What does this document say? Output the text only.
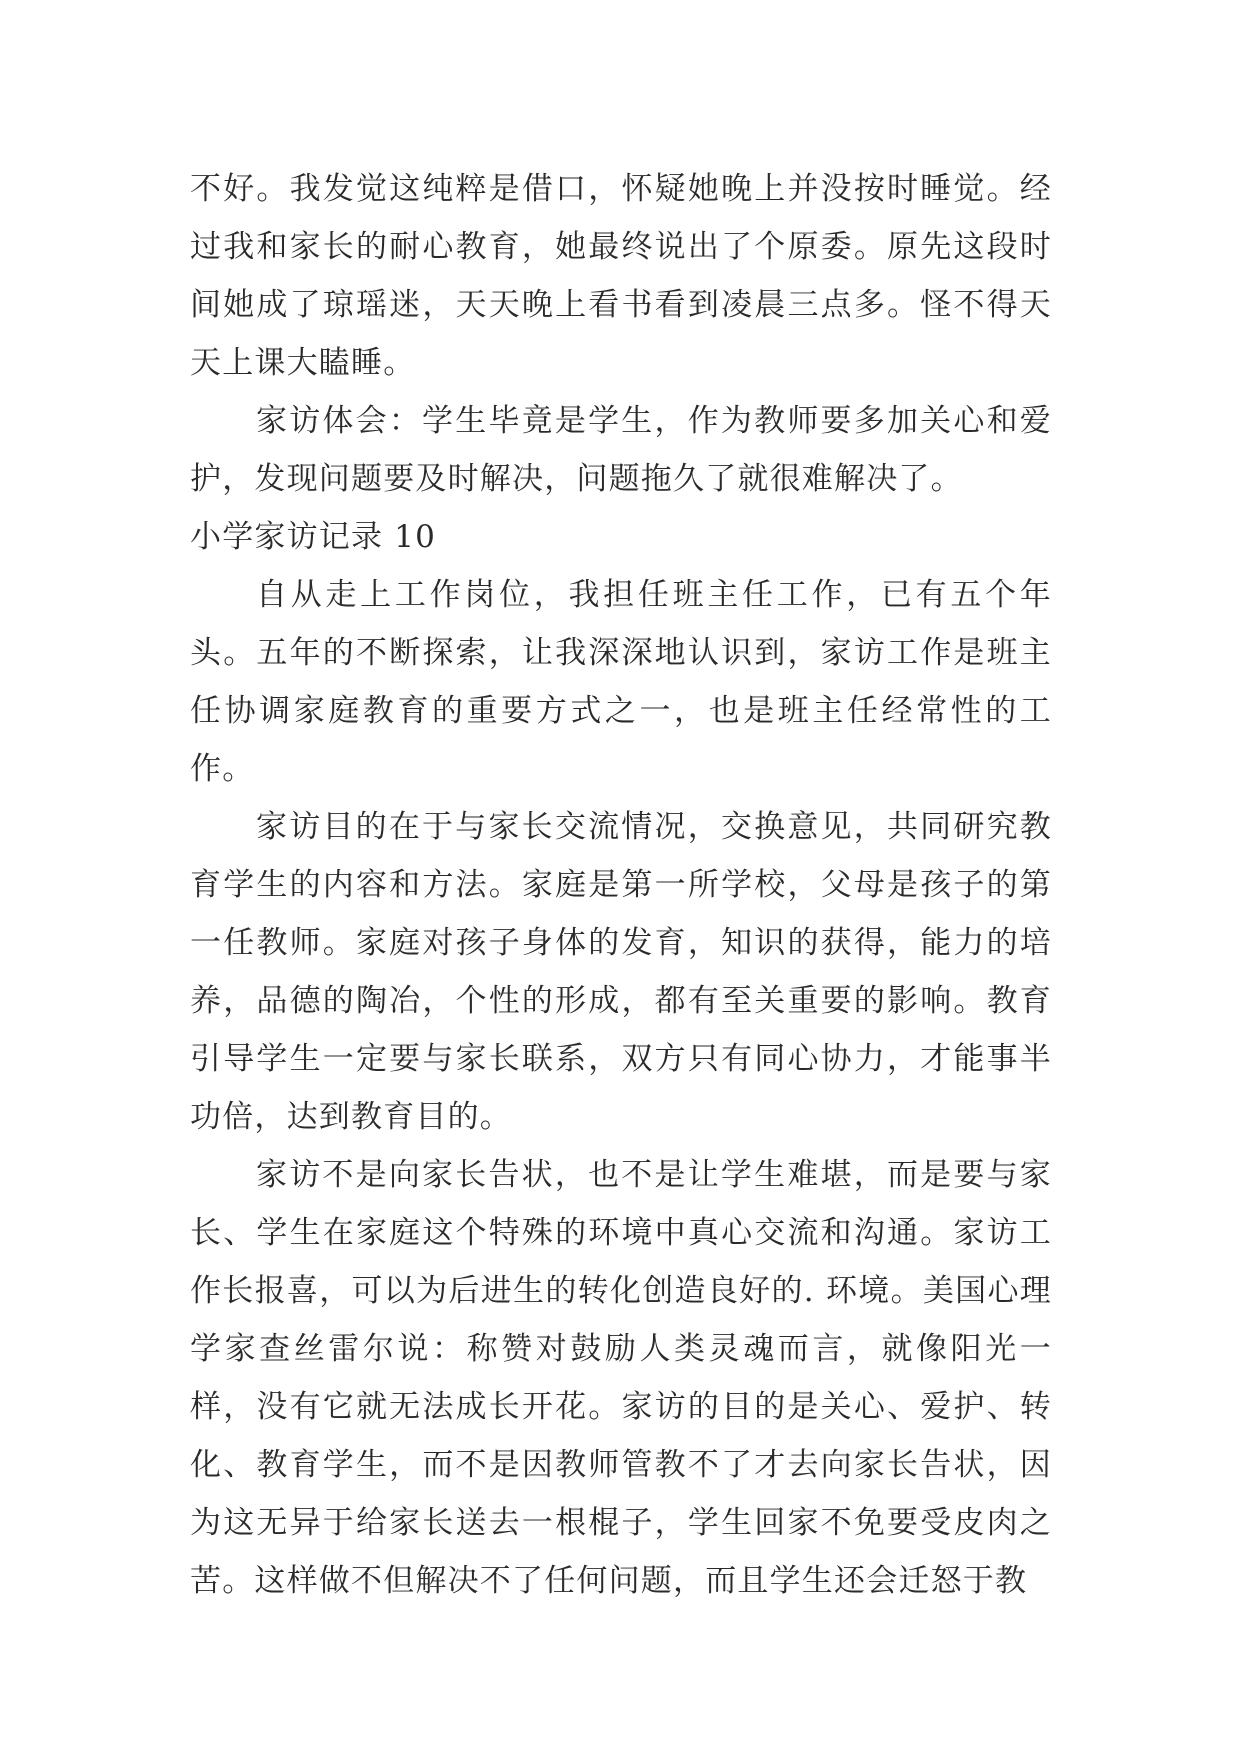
不好。我发觉这纯粹是借口，怀疑她晚上并没按时睡觉。经过我和家长的耐心教育，她最终说出了个原委。原先这段时间她成了琼瑶迷，天天晚上看书看到凌晨三点多。怪不得天天上课大瞌睡。

家访体会：学生毕竟是学生，作为教师要多加关心和爱护，发现问题要及时解决，问题拖久了就很难解决了。

小学家访记录 10

自从走上工作岗位，我担任班主任工作，已有五个年头。五年的不断探索，让我深深地认识到，家访工作是班主任协调家庭教育的重要方式之一，也是班主任经常性的工作。

家访目的在于与家长交流情况，交换意见，共同研究教育学生的内容和方法。家庭是第一所学校，父母是孩子的第一任教师。家庭对孩子身体的发育，知识的获得，能力的培养，品德的陶冶，个性的形成，都有至关重要的影响。教育引导学生一定要与家长联系，双方只有同心协力，才能事半功倍，达到教育目的。

家访不是向家长告状，也不是让学生难堪，而是要与家长、学生在家庭这个特殊的环境中真心交流和沟通。家访工作长报喜，可以为后进生的转化创造良好的. 环境。美国心理学家查丝雷尔说：称赞对鼓励人类灵魂而言，就像阳光一样，没有它就无法成长开花。家访的目的是关心、爱护、转化、教育学生，而不是因教师管教不了才去向家长告状，因为这无异于给家长送去一根棍子，学生回家不免要受皮肉之苦。这样做不但解决不了任何问题，而且学生还会迁怒于教
